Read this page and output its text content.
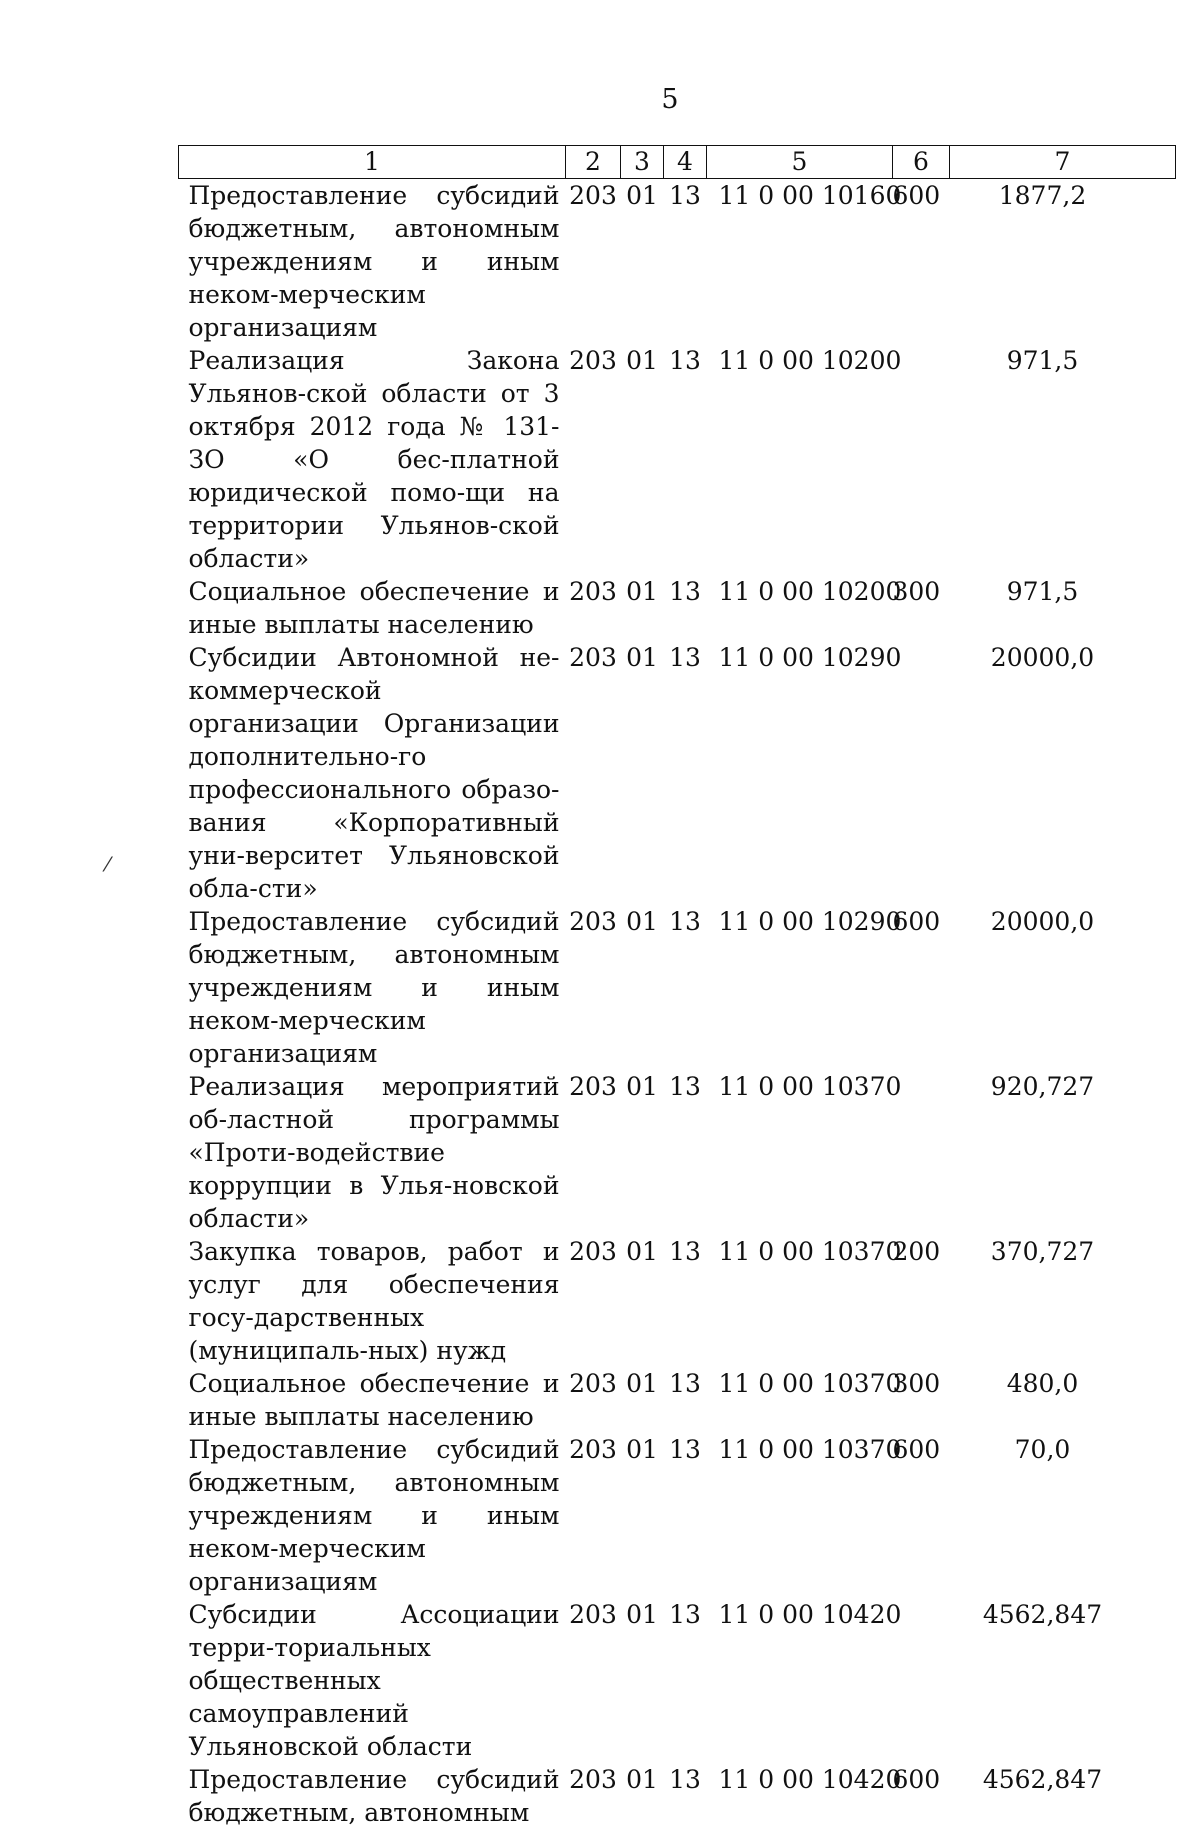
5
1	2	3	4	5	6	7
Предоставление субсидий бюджетным, автономным учреждениям и иным неком-мерческим организациям	203	01	13	11 0 00 10160	600	1877,2
Реализация Закона Ульянов-ской области от 3 октября 2012 года № 131-ЗО «О бес-платной юридической помо-щи на территории Ульянов-ской области»	203	01	13	11 0 00 10200		971,5
Социальное обеспечение и иные выплаты населению	203	01	13	11 0 00 10200	300	971,5
Субсидии Автономной не-коммерческой организации Организации дополнительно-го профессионального образо-вания «Корпоративный уни-верситет Ульяновской обла-сти»	203	01	13	11 0 00 10290		20000,0
Предоставление субсидий бюджетным, автономным учреждениям и иным неком-мерческим организациям	203	01	13	11 0 00 10290	600	20000,0
Реализация мероприятий об-ластной программы «Проти-водействие коррупции в Улья-новской области»	203	01	13	11 0 00 10370		920,727
Закупка товаров, работ и услуг для обеспечения госу-дарственных (муниципаль-ных) нужд	203	01	13	11 0 00 10370	200	370,727
Социальное обеспечение и иные выплаты населению	203	01	13	11 0 00 10370	300	480,0
Предоставление субсидий бюджетным, автономным учреждениям и иным неком-мерческим организациям	203	01	13	11 0 00 10370	600	70,0
Субсидии Ассоциации терри-ториальных общественных самоуправлений Ульяновской области	203	01	13	11 0 00 10420		4562,847
Предоставление субсидий бюджетным, автономным	203	01	13	11 0 00 10420	600	4562,847
⁄
